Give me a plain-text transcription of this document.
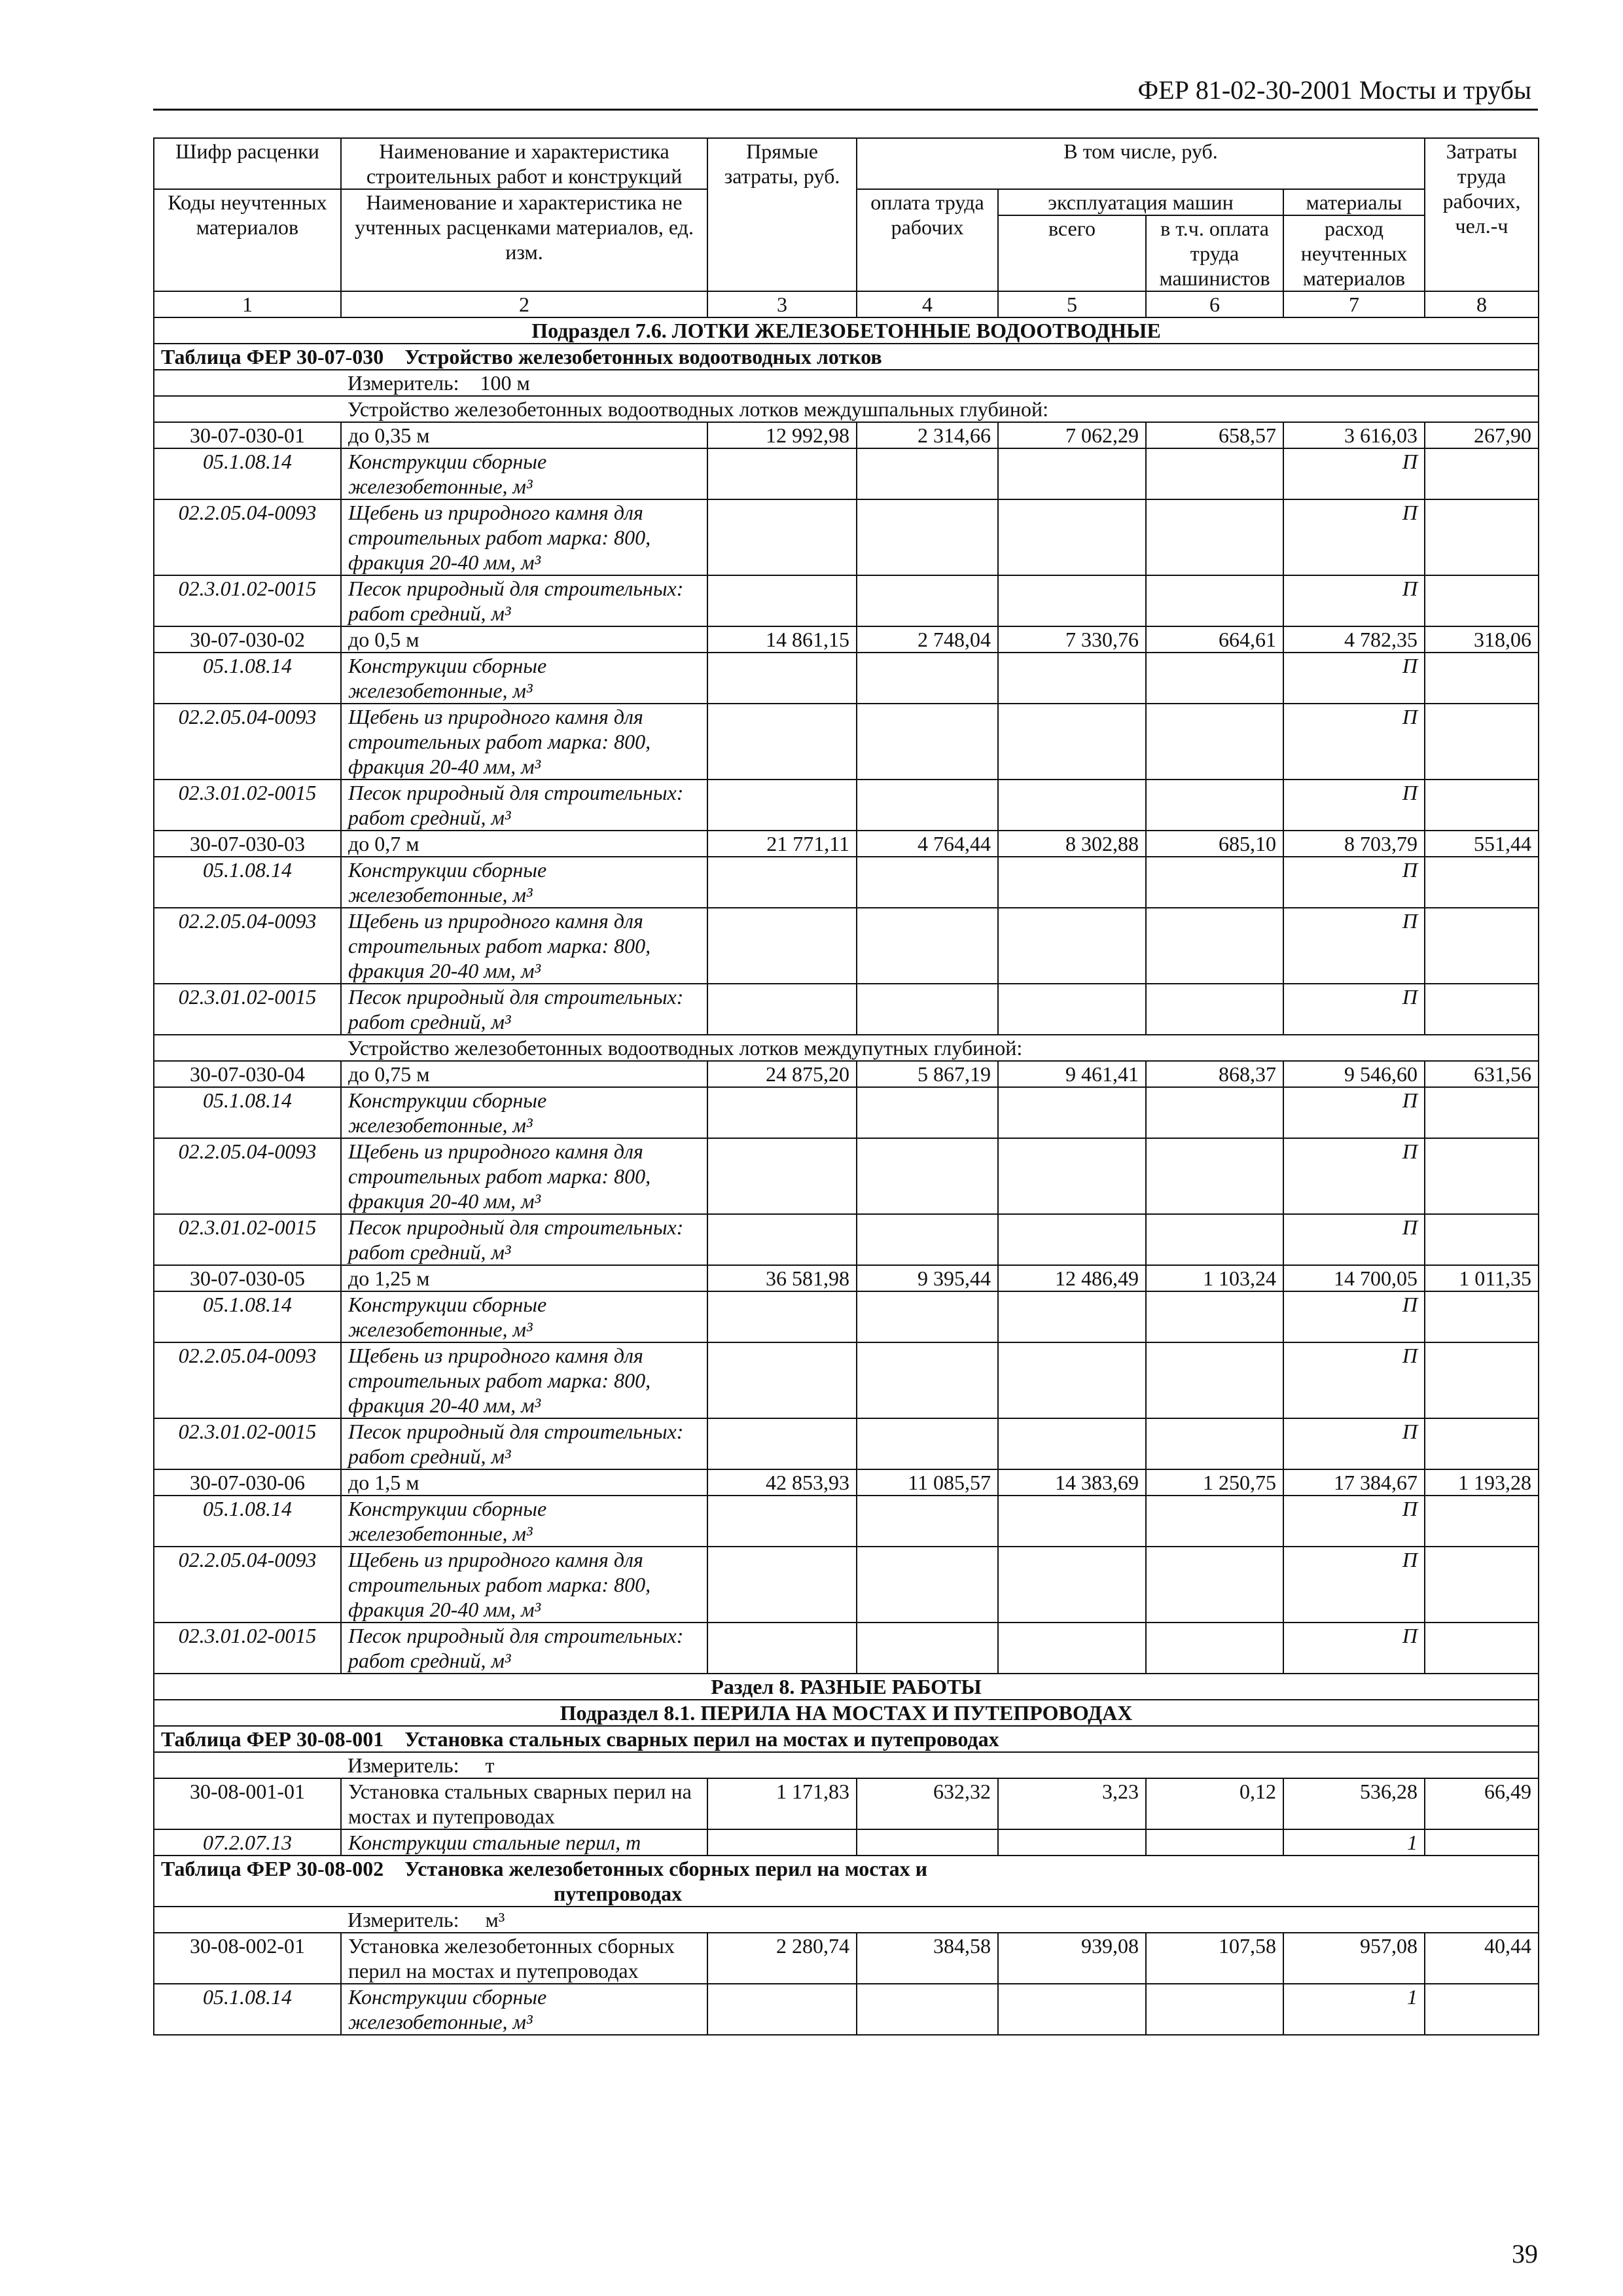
ФЕР 81-02-30-2001 Мосты и трубы
Шифр расценки	Наименование и характеристика строительных работ и конструкций	Прямые затраты, руб.	В том числе, руб.				Затраты труда рабочих, чел.-ч
Коды неучтенных материалов	Наименование и характеристика не учтенных расценками материалов, ед. изм.		оплата труда рабочих	эксплуатация машин		материалы	
				всего	в т.ч. оплата труда машинистов	расход неучтенных материалов	
1	2	3	4	5	6	7	8
Подраздел 7.6. ЛОТКИ ЖЕЛЕЗОБЕТОННЫЕ ВОДООТВОДНЫЕ							
Таблица ФЕР 30-07-030 Устройство железобетонных водоотводных лотков							
	Измеритель: 100 м						
	Устройство железобетонных водоотводных лотков междушпальных глубиной:						
30-07-030-01	до 0,35 м	12 992,98	2 314,66	7 062,29	658,57	3 616,03	267,90
05.1.08.14	Конструкции сборные железобетонные, м³					П	
02.2.05.04-0093	Щебень из природного камня для строительных работ марка: 800, фракция 20-40 мм, м³					П	
02.3.01.02-0015	Песок природный для строительных: работ средний, м³					П	
30-07-030-02	до 0,5 м	14 861,15	2 748,04	7 330,76	664,61	4 782,35	318,06
05.1.08.14	Конструкции сборные железобетонные, м³					П	
02.2.05.04-0093	Щебень из природного камня для строительных работ марка: 800, фракция 20-40 мм, м³					П	
02.3.01.02-0015	Песок природный для строительных: работ средний, м³					П	
30-07-030-03	до 0,7 м	21 771,11	4 764,44	8 302,88	685,10	8 703,79	551,44
05.1.08.14	Конструкции сборные железобетонные, м³					П	
02.2.05.04-0093	Щебень из природного камня для строительных работ марка: 800, фракция 20-40 мм, м³					П	
02.3.01.02-0015	Песок природный для строительных: работ средний, м³					П	
	Устройство железобетонных водоотводных лотков междупутных глубиной:						
30-07-030-04	до 0,75 м	24 875,20	5 867,19	9 461,41	868,37	9 546,60	631,56
05.1.08.14	Конструкции сборные железобетонные, м³					П	
02.2.05.04-0093	Щебень из природного камня для строительных работ марка: 800, фракция 20-40 мм, м³					П	
02.3.01.02-0015	Песок природный для строительных: работ средний, м³					П	
30-07-030-05	до 1,25 м	36 581,98	9 395,44	12 486,49	1 103,24	14 700,05	1 011,35
05.1.08.14	Конструкции сборные железобетонные, м³					П	
02.2.05.04-0093	Щебень из природного камня для строительных работ марка: 800, фракция 20-40 мм, м³					П	
02.3.01.02-0015	Песок природный для строительных: работ средний, м³					П	
30-07-030-06	до 1,5 м	42 853,93	11 085,57	14 383,69	1 250,75	17 384,67	1 193,28
05.1.08.14	Конструкции сборные железобетонные, м³					П	
02.2.05.04-0093	Щебень из природного камня для строительных работ марка: 800, фракция 20-40 мм, м³					П	
02.3.01.02-0015	Песок природный для строительных: работ средний, м³					П	
Раздел 8. РАЗНЫЕ РАБОТЫ							
Подраздел 8.1. ПЕРИЛА НА МОСТАХ И ПУТЕПРОВОДАХ							
Таблица ФЕР 30-08-001 Установка стальных сварных перил на мостах и путепроводах							
	Измеритель: т						
30-08-001-01	Установка стальных сварных перил на мостах и путепроводах	1 171,83	632,32	3,23	0,12	536,28	66,49
07.2.07.13	Конструкции стальные перил, т					1	
Таблица ФЕР 30-08-002 Установка железобетонных сборных перил на мостах и
путепроводах							
	Измеритель: м³						
30-08-002-01	Установка железобетонных сборных перил на мостах и путепроводах	2 280,74	384,58	939,08	107,58	957,08	40,44
05.1.08.14	Конструкции сборные железобетонные, м³					1	
39
